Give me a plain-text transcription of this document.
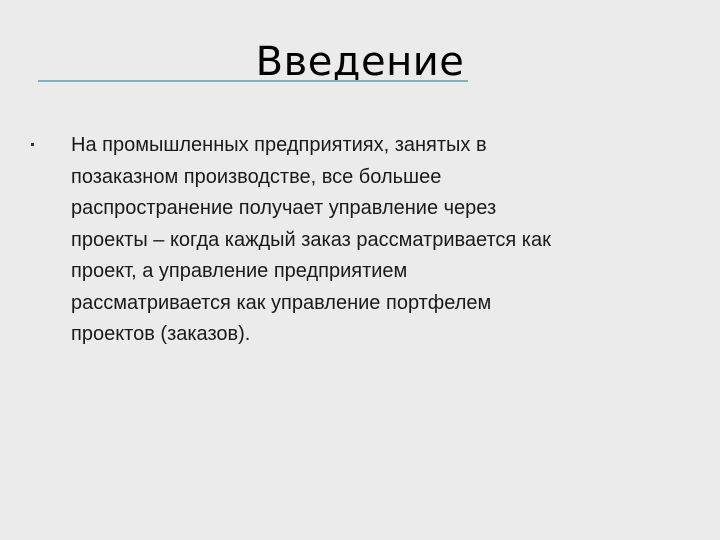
Введение
На промышленных предприятиях, занятых в
позаказном производстве, все большее
распространение получает управление через
проекты – когда каждый заказ рассматривается как
проект, а управление предприятием
рассматривается как управление портфелем
проектов (заказов).
